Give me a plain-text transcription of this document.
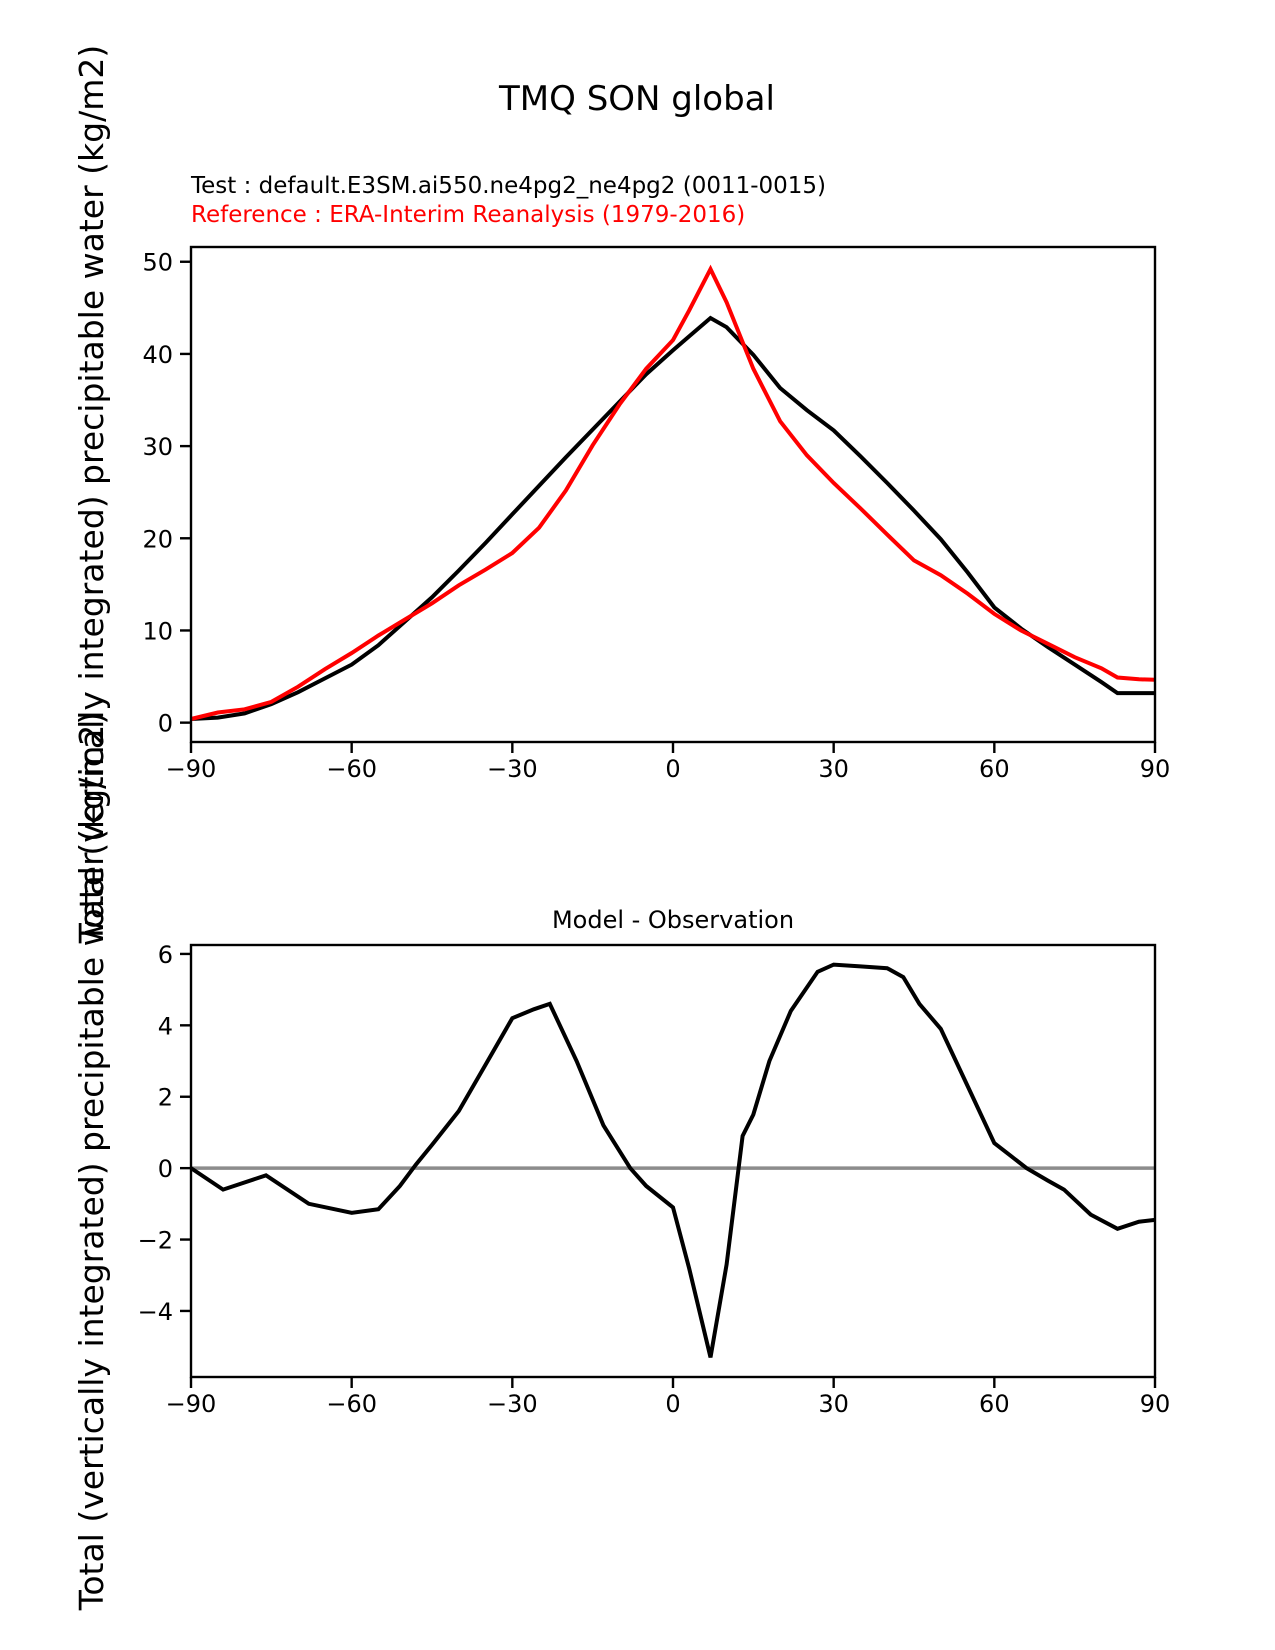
TMQ SON global
Test : default.E3SM.ai550.ne4pg2_ne4pg2 (0011-0015)
Reference : ERA-Interim Reanalysis (1979-2016)
−90	−60	−30	0	30	60	90
0
10
20
30
40
50
Total (vertically integrated) precipitable water (kg/m2)	Model - Observation
−90	−60	−30	0	30	60	90
−4
−2
0
2
4
6
Total (vertically integrated) precipitable water (kg/m2)
